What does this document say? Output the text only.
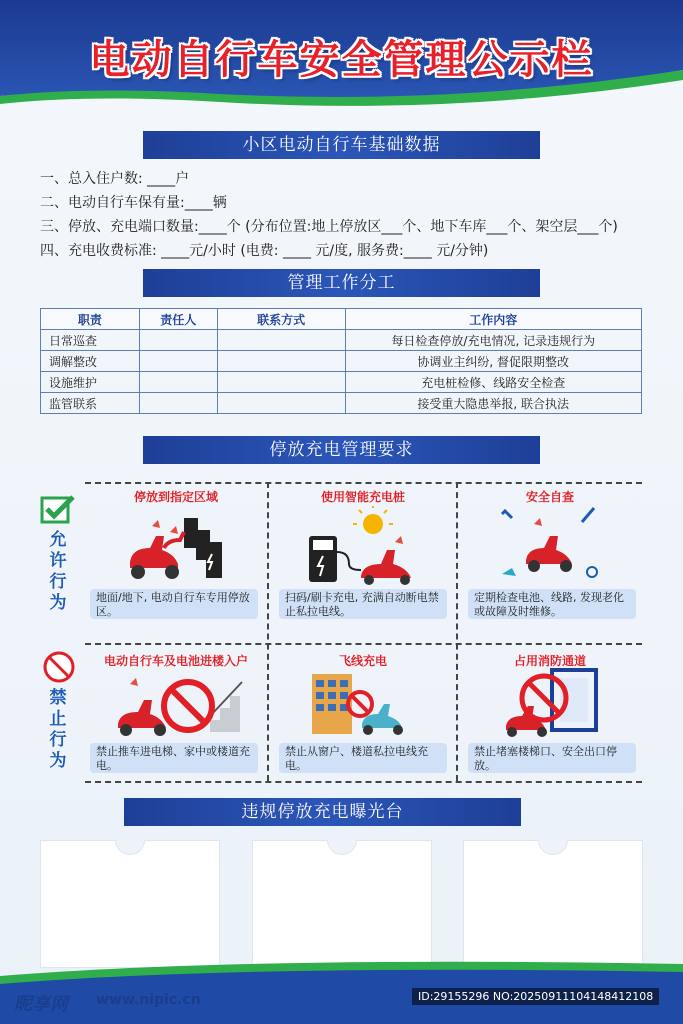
电动自行车安全管理公示栏
小区电动自行车基础数据
一、总入住户数: ____户
二、电动自行车保有量:____辆
三、停放、充电端口数量:____个 (分布位置:地上停放区___个、地下车库___个、架空层___个)
四、充电收费标准: ____元/小时 (电费: ____ 元/度, 服务费:____ 元/分钟)
管理工作分工
职责	责任人	联系方式	工作内容
日常巡查			每日检查停放/充电情况, 记录违规行为
调解整改			协调业主纠纷, 督促限期整改
设施维护			充电桩检修、线路安全检查
监管联系			接受重大隐患举报, 联合执法
停放充电管理要求
允许行为
禁止行为
停放到指定区域
地面/地下, 电动自行车专用停放区。
使用智能充电桩
扫码/刷卡充电, 充满自动断电禁止私拉电线。
安全自查
定期检查电池、线路, 发现老化或故障及时维修。
电动自行车及电池进楼入户
禁止推车进电梯、家中或楼道充电。
飞线充电
禁止从窗户、楼道私拉电线充电。
占用消防通道
禁止堵塞楼梯口、安全出口停放。
违规停放充电曝光台
昵享网 www.nipic.cn	ID:29155296 NO:20250911104148412108
